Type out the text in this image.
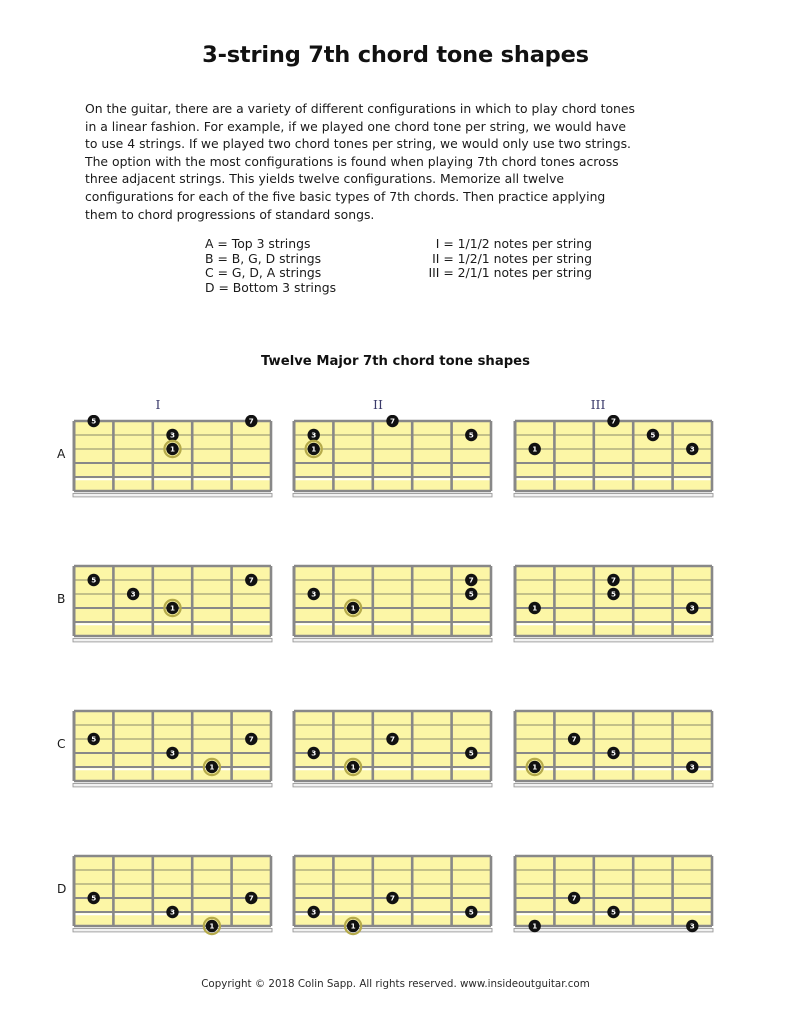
3-string 7th chord tone shapes
On the guitar, there are a variety of different configurations in which to play chord tones in a linear fashion. For example, if we played one chord tone per string, we would have to use 4 strings. If we played two chord tones per string, we would only use two strings. The option with the most configurations is found when playing 7th chord tones across three adjacent strings. This yields twelve configurations. Memorize all twelve configurations for each of the five basic types of 7th chords. Then practice applying them to chord progressions of standard songs.
A = Top 3 strings
B = B, G, D strings
C = G, D, A strings
D = Bottom 3 strings
I = 1/1/2 notes per string
II = 1/2/1 notes per string
III = 2/1/1 notes per string
Twelve Major 7th chord tone shapes
A
I
5	7
3
1
II
7
3	5
1
III
7
5
1	3
B
5	7
3
1
7
3	5
1
7
5
1	3
C	5	7
3
1
7
3	5
1
7
5
1	3
D
5	7
3
1
7
3	5
1
7
5
1	3
Copyright © 2018 Colin Sapp. All rights reserved. www.insideoutguitar.com
